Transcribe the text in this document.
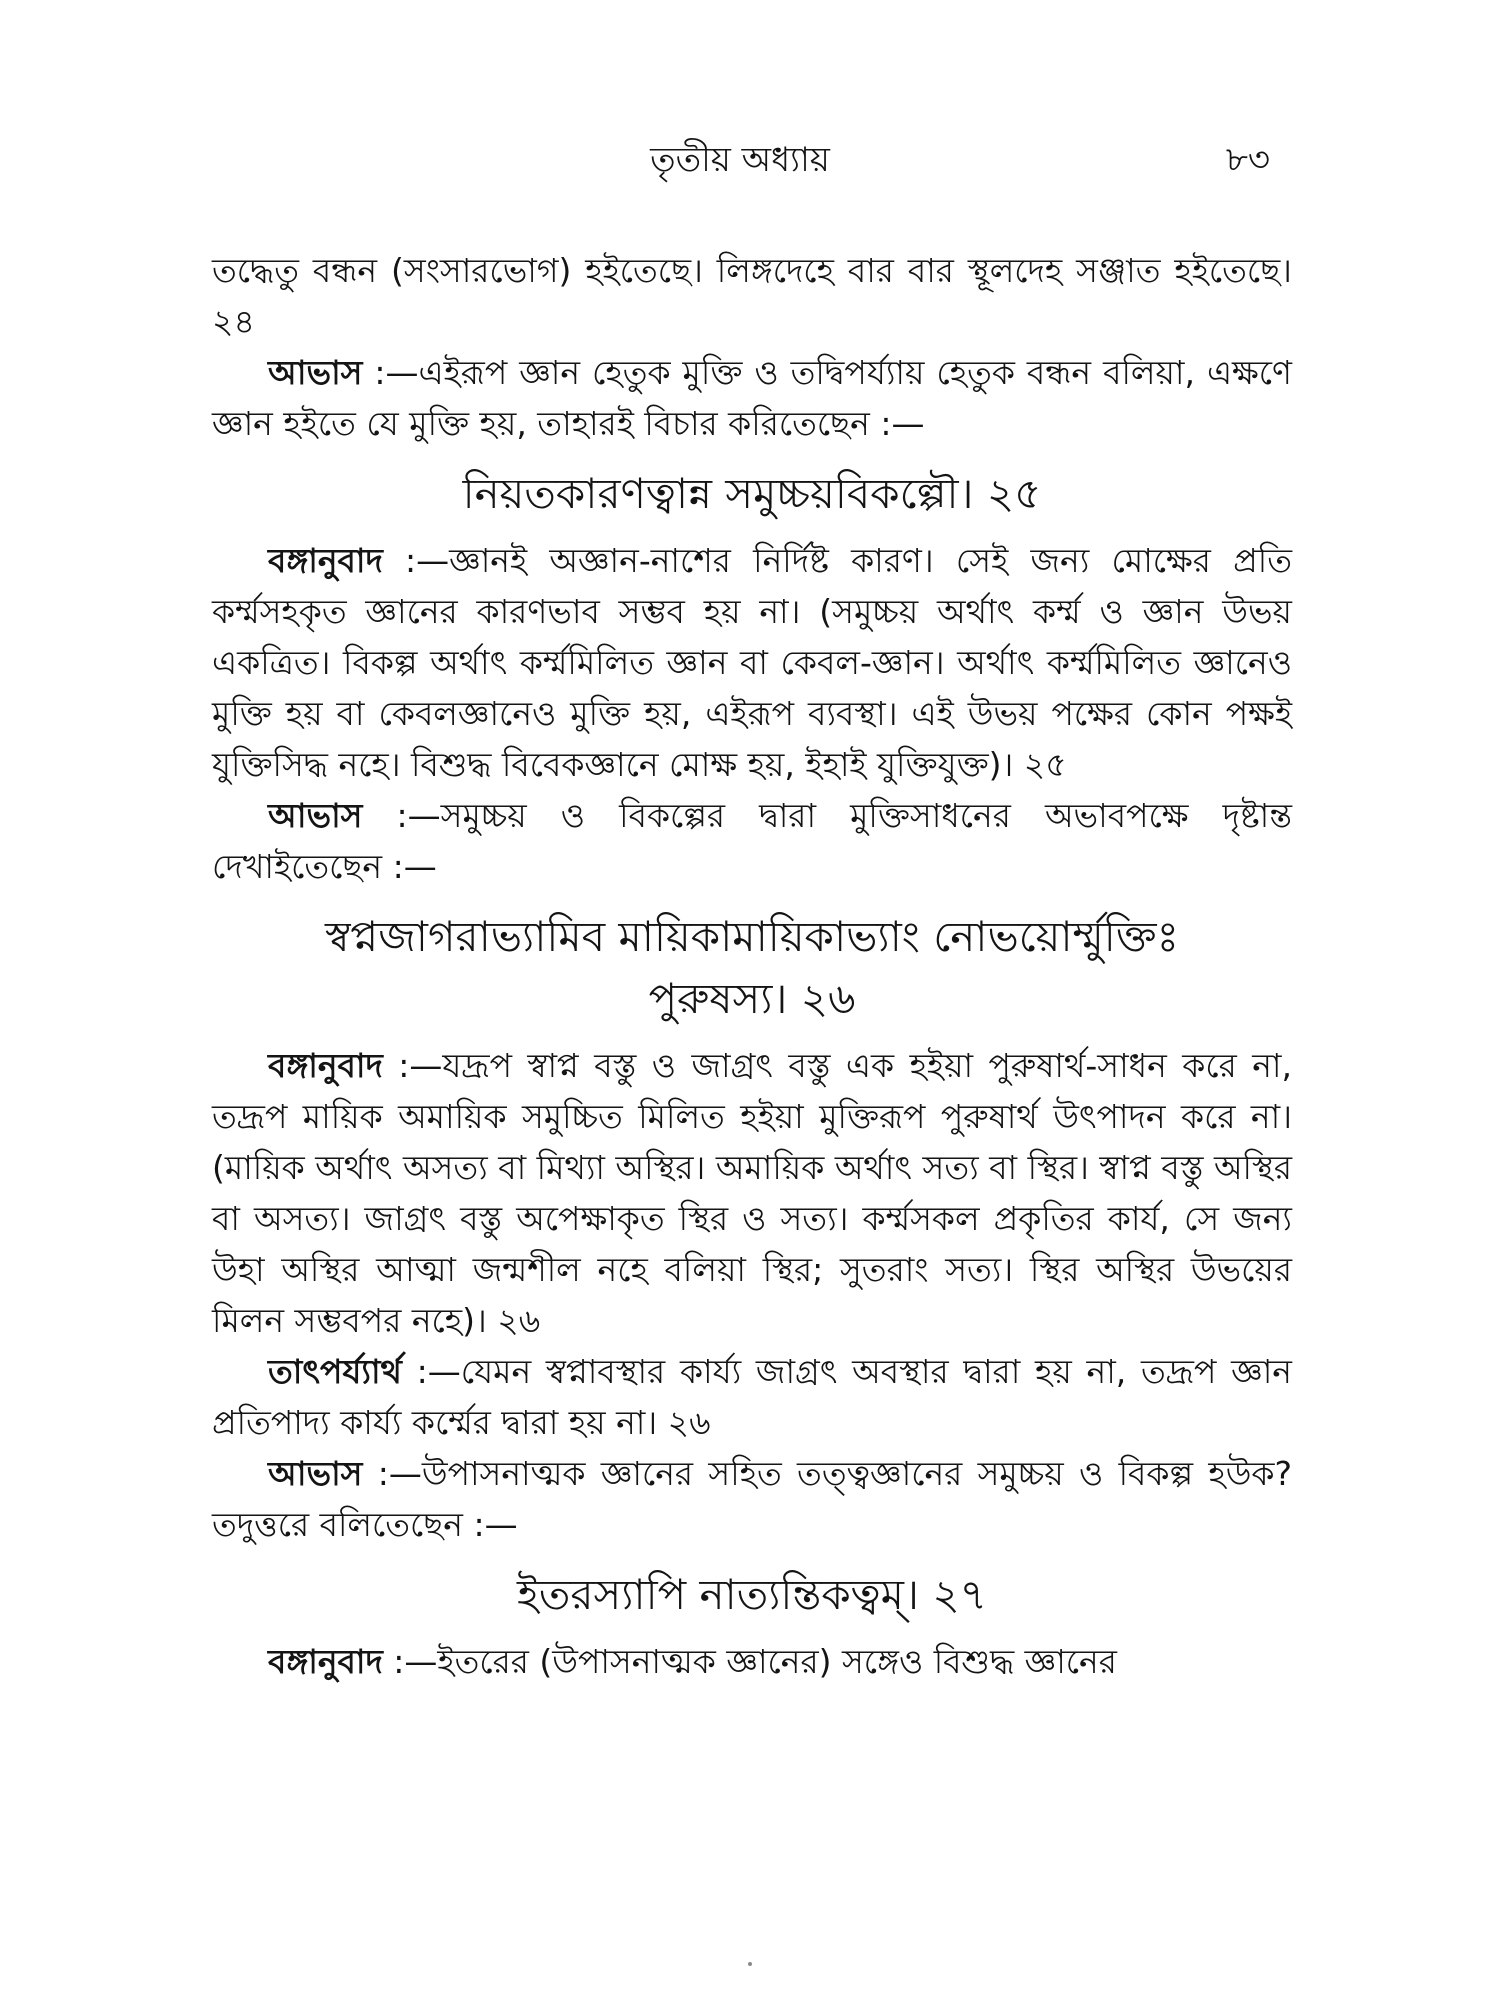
তৃতীয় অধ্যায়	৮৩

তদ্ধেতু বন্ধন (সংসারভোগ) হইতেছে। লিঙ্গদেহে বার বার স্থূলদেহ সঞ্জাত হইতেছে। ২৪

আভাস :—এইরূপ জ্ঞান হেতুক মুক্তি ও তদ্বিপর্য্যায় হেতুক বন্ধন বলিয়া, এক্ষণে জ্ঞান হইতে যে মুক্তি হয়, তাহারই বিচার করিতেছেন :—

নিয়তকারণত্বান্ন সমুচ্চয়বিকল্পৌ। ২৫

বঙ্গানুবাদ :—জ্ঞানই অজ্ঞান-নাশের নির্দিষ্ট কারণ। সেই জন্য মোক্ষের প্রতি কর্ম্মসহকৃত জ্ঞানের কারণভাব সম্ভব হয় না। (সমুচ্চয় অর্থাৎ কর্ম্ম ও জ্ঞান উভয় একত্রিত। বিকল্প অর্থাৎ কর্ম্মমিলিত জ্ঞান বা কেবল-জ্ঞান। অর্থাৎ কর্ম্মমিলিত জ্ঞানেও মুক্তি হয় বা কেবলজ্ঞানেও মুক্তি হয়, এইরূপ ব্যবস্থা। এই উভয় পক্ষের কোন পক্ষই যুক্তিসিদ্ধ নহে। বিশুদ্ধ বিবেকজ্ঞানে মোক্ষ হয়, ইহাই যুক্তিযুক্ত)। ২৫

আভাস :—সমুচ্চয় ও বিকল্পের দ্বারা মুক্তিসাধনের অভাবপক্ষে দৃষ্টান্ত দেখাইতেছেন :—

স্বপ্নজাগরাভ্যামিব মায়িকামায়িকাভ্যাং নোভয়োর্ম্মুক্তিঃ
পুরুষস্য। ২৬

বঙ্গানুবাদ :—যদ্রূপ স্বাপ্ন বস্তু ও জাগ্রৎ বস্তু এক হইয়া পুরুষার্থ-সাধন করে না, তদ্রূপ মায়িক অমায়িক সমুচ্চিত মিলিত হইয়া মুক্তিরূপ পুরুষার্থ উৎপাদন করে না। (মায়িক অর্থাৎ অসত্য বা মিথ্যা অস্থির। অমায়িক অর্থাৎ সত্য বা স্থির। স্বাপ্ন বস্তু অস্থির বা অসত্য। জাগ্রৎ বস্তু অপেক্ষাকৃত স্থির ও সত্য। কর্ম্মসকল প্রকৃতির কার্য, সে জন্য উহা অস্থির আত্মা জন্মশীল নহে বলিয়া স্থির; সুতরাং সত্য। স্থির অস্থির উভয়ের মিলন সম্ভবপর নহে)। ২৬

তাৎপর্য্যার্থ :—যেমন স্বপ্নাবস্থার কার্য্য জাগ্রৎ অবস্থার দ্বারা হয় না, তদ্রূপ জ্ঞান প্রতিপাদ্য কার্য্য কর্ম্মের দ্বারা হয় না। ২৬

আভাস :—উপাসনাত্মক জ্ঞানের সহিত তত্ত্বজ্ঞানের সমুচ্চয় ও বিকল্প হউক? তদুত্তরে বলিতেছেন :—

ইতরস্যাপি নাত্যন্তিকত্বম্। ২৭

বঙ্গানুবাদ :—ইতরের (উপাসনাত্মক জ্ঞানের) সঙ্গেও বিশুদ্ধ জ্ঞানের
